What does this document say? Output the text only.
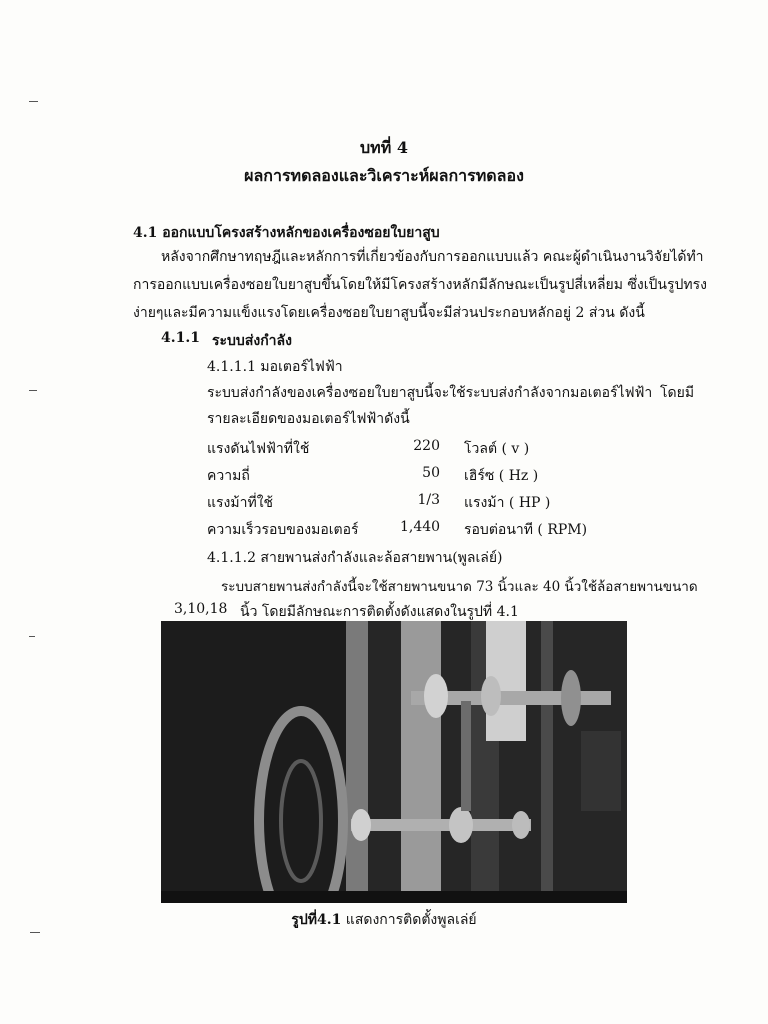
บทที่ 4
ผลการทดลองและวิเคราะห์ผลการทดลอง
4.1 ออกแบบโครงสร้างหลักของเครื่องซอยใบยาสูบ
หลังจากศึกษาทฤษฎีและหลักการที่เกี่ยวข้องกับการออกแบบแล้ว คณะผู้ดำเนินงานวิจัยได้ทำ
การออกแบบเครื่องซอยใบยาสูบขึ้นโดยให้มีโครงสร้างหลักมีลักษณะเป็นรูปสี่เหลี่ยม ซึ่งเป็นรูปทรง
ง่ายๆและมีความแข็งแรงโดยเครื่องซอยใบยาสูบนี้จะมีส่วนประกอบหลักอยู่ 2 ส่วน ดังนี้
4.1.1 ระบบส่งกำลัง
4.1.1.1 มอเตอร์ไฟฟ้า
ระบบส่งกำลังของเครื่องซอยใบยาสูบนี้จะใช้ระบบส่งกำลังจากมอเตอร์ไฟฟ้า โดยมี
รายละเอียดของมอเตอร์ไฟฟ้าดังนี้
แรงดันไฟฟ้าที่ใช้	220 โวลต์ ( v )
ความถี่	50 เฮิร์ซ ( Hz )
แรงม้าที่ใช้	1/3 แรงม้า ( HP )
ความเร็วรอบของมอเตอร์	1,440 รอบต่อนาที ( RPM)
4.1.1.2 สายพานส่งกำลังและล้อสายพาน(พูลเล่ย์)
ระบบสายพานส่งกำลังนี้จะใช้สายพานขนาด 73 นิ้วและ 40 นิ้วใช้ล้อสายพานขนาด
3,10,18 นิ้ว โดยมีลักษณะการติดตั้งดังแสดงในรูปที่ 4.1
รูปที่4.1 แสดงการติดตั้งพูลเล่ย์
